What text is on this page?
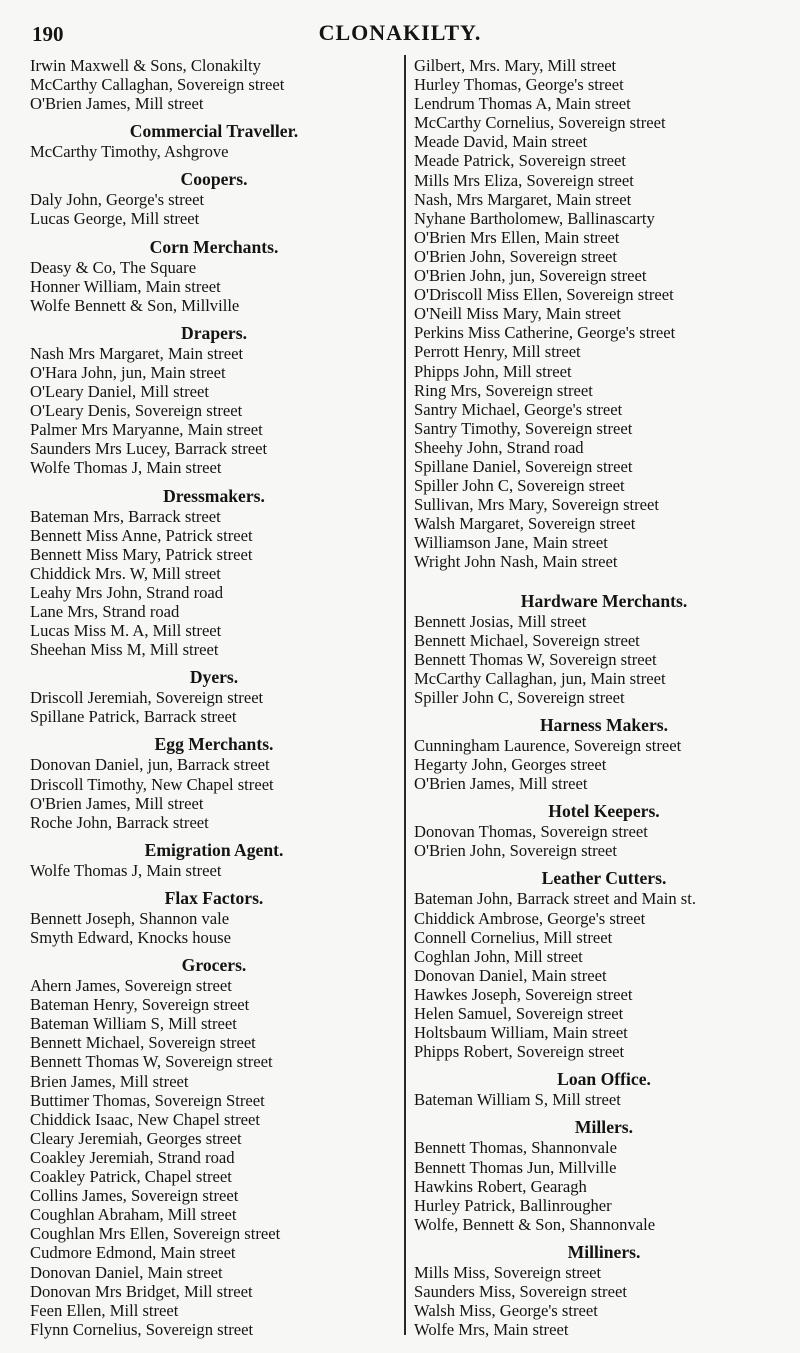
190	CLONAKILTY.
Irwin Maxwell & Sons, Clonakilty
McCarthy Callaghan, Sovereign street
O'Brien James, Mill street
Commercial Traveller.
McCarthy Timothy, Ashgrove
Coopers.
Daly John, George's street
Lucas George, Mill street
Corn Merchants.
Deasy & Co, The Square
Honner William, Main street
Wolfe Bennett & Son, Millville
Drapers.
Nash Mrs Margaret, Main street
O'Hara John, jun, Main street
O'Leary Daniel, Mill street
O'Leary Denis, Sovereign street
Palmer Mrs Maryanne, Main street
Saunders Mrs Lucey, Barrack street
Wolfe Thomas J, Main street
Dressmakers.
Bateman Mrs, Barrack street
Bennett Miss Anne, Patrick street
Bennett Miss Mary, Patrick street
Chiddick Mrs. W, Mill street
Leahy Mrs John, Strand road
Lane Mrs, Strand road
Lucas Miss M. A, Mill street
Sheehan Miss M, Mill street
Dyers.
Driscoll Jeremiah, Sovereign street
Spillane Patrick, Barrack street
Egg Merchants.
Donovan Daniel, jun, Barrack street
Driscoll Timothy, New Chapel street
O'Brien James, Mill street
Roche John, Barrack street
Emigration Agent.
Wolfe Thomas J, Main street
Flax Factors.
Bennett Joseph, Shannon vale
Smyth Edward, Knocks house
Grocers.
Ahern James, Sovereign street
Bateman Henry, Sovereign street
Bateman William S, Mill street
Bennett Michael, Sovereign street
Bennett Thomas W, Sovereign street
Brien James, Mill street
Buttimer Thomas, Sovereign Street
Chiddick Isaac, New Chapel street
Cleary Jeremiah, Georges street
Coakley Jeremiah, Strand road
Coakley Patrick, Chapel street
Collins James, Sovereign street
Coughlan Abraham, Mill street
Coughlan Mrs Ellen, Sovereign street
Cudmore Edmond, Main street
Donovan Daniel, Main street
Donovan Mrs Bridget, Mill street
Feen Ellen, Mill street
Flynn Cornelius, Sovereign street
Gilbert, Mrs. Mary, Mill street
Hurley Thomas, George's street
Lendrum Thomas A, Main street
McCarthy Cornelius, Sovereign street
Meade David, Main street
Meade Patrick, Sovereign street
Mills Mrs Eliza, Sovereign street
Nash, Mrs Margaret, Main street
Nyhane Bartholomew, Ballinascarty
O'Brien Mrs Ellen, Main street
O'Brien John, Sovereign street
O'Brien John, jun, Sovereign street
O'Driscoll Miss Ellen, Sovereign street
O'Neill Miss Mary, Main street
Perkins Miss Catherine, George's street
Perrott Henry, Mill street
Phipps John, Mill street
Ring Mrs, Sovereign street
Santry Michael, George's street
Santry Timothy, Sovereign street
Sheehy John, Strand road
Spillane Daniel, Sovereign street
Spiller John C, Sovereign street
Sullivan, Mrs Mary, Sovereign street
Walsh Margaret, Sovereign street
Williamson Jane, Main street
Wright John Nash, Main street
Hardware Merchants.
Bennett Josias, Mill street
Bennett Michael, Sovereign street
Bennett Thomas W, Sovereign street
McCarthy Callaghan, jun, Main street
Spiller John C, Sovereign street
Harness Makers.
Cunningham Laurence, Sovereign street
Hegarty John, Georges street
O'Brien James, Mill street
Hotel Keepers.
Donovan Thomas, Sovereign street
O'Brien John, Sovereign street
Leather Cutters.
Bateman John, Barrack street and Main st.
Chiddick Ambrose, George's street
Connell Cornelius, Mill street
Coghlan John, Mill street
Donovan Daniel, Main street
Hawkes Joseph, Sovereign street
Helen Samuel, Sovereign street
Holtsbaum William, Main street
Phipps Robert, Sovereign street
Loan Office.
Bateman William S, Mill street
Millers.
Bennett Thomas, Shannonvale
Bennett Thomas Jun, Millville
Hawkins Robert, Gearagh
Hurley Patrick, Ballinrougher
Wolfe, Bennett & Son, Shannonvale
Milliners.
Mills Miss, Sovereign street
Saunders Miss, Sovereign street
Walsh Miss, George's street
Wolfe Mrs, Main street
